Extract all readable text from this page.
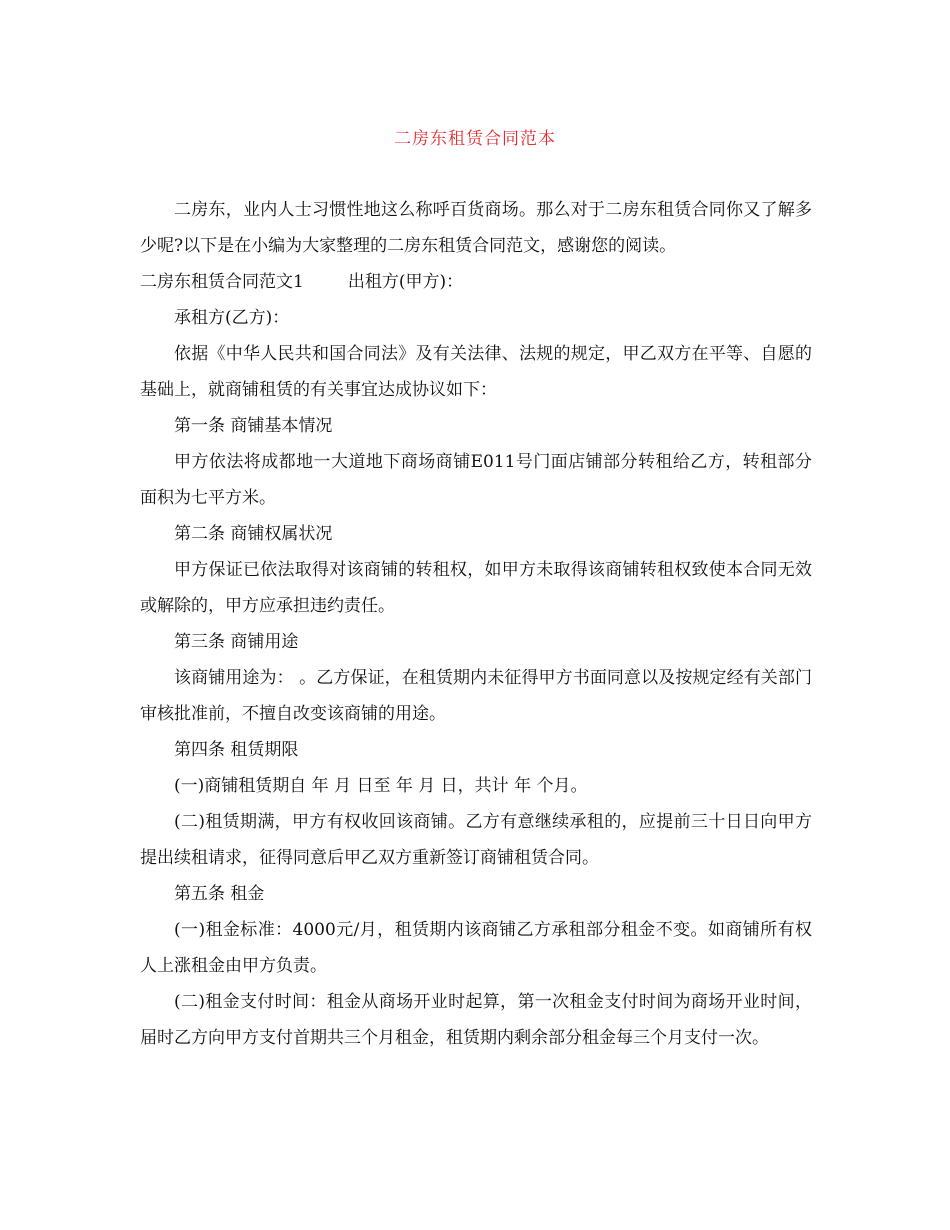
二房东租赁合同范本

二房东，业内人士习惯性地这么称呼百货商场。那么对于二房东租赁合同你又了解多少呢?以下是在小编为大家整理的二房东租赁合同范文，感谢您的阅读。

二房东租赁合同范文1	出租方(甲方)：

承租方(乙方)：

依据《中华人民共和国合同法》及有关法律、法规的规定，甲乙双方在平等、自愿的基础上，就商铺租赁的有关事宜达成协议如下：

第一条 商铺基本情况

甲方依法将成都地一大道地下商场商铺E011号门面店铺部分转租给乙方，转租部分面积为七平方米。

第二条 商铺权属状况

甲方保证已依法取得对该商铺的转租权，如甲方未取得该商铺转租权致使本合同无效或解除的，甲方应承担违约责任。

第三条 商铺用途

该商铺用途为： 。乙方保证，在租赁期内未征得甲方书面同意以及按规定经有关部门审核批准前，不擅自改变该商铺的用途。

第四条 租赁期限

(一)商铺租赁期自 年 月 日至 年 月 日，共计 年 个月。

(二)租赁期满，甲方有权收回该商铺。乙方有意继续承租的，应提前三十日日向甲方提出续租请求，征得同意后甲乙双方重新签订商铺租赁合同。

第五条 租金

(一)租金标准：4000元/月，租赁期内该商铺乙方承租部分租金不变。如商铺所有权人上涨租金由甲方负责。

(二)租金支付时间：租金从商场开业时起算，第一次租金支付时间为商场开业时间，届时乙方向甲方支付首期共三个月租金，租赁期内剩余部分租金每三个月支付一次。
